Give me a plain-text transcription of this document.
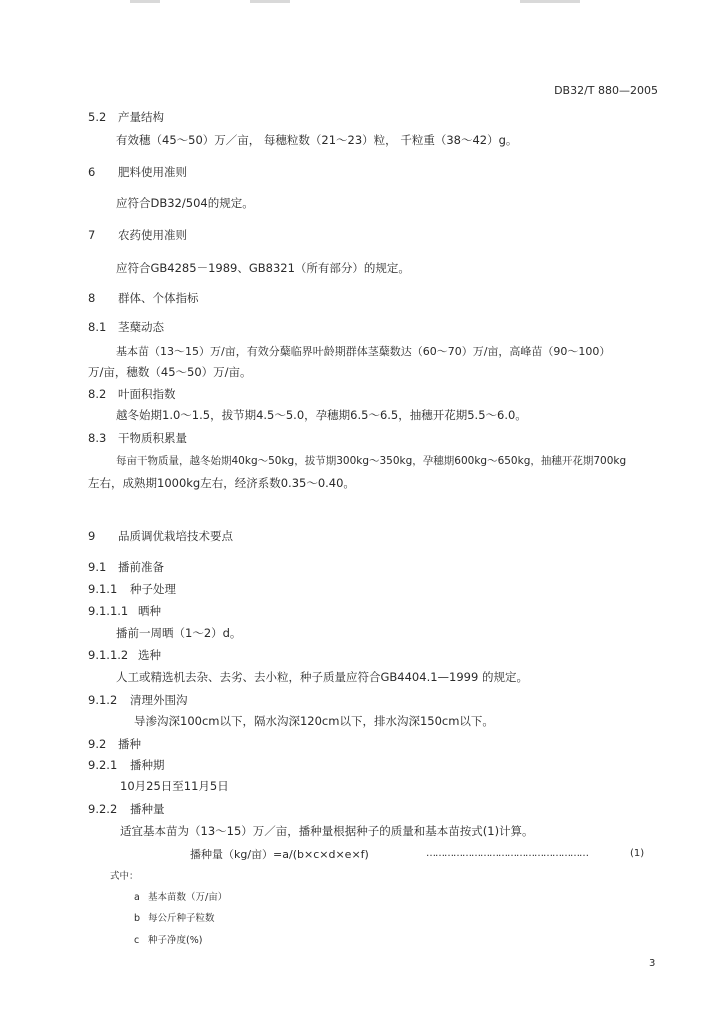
DB32/T 880—2005
5.2 产量结构
有效穗（45～50）万／亩， 每穗粒数（21～23）粒， 千粒重（38～42）g。
6 肥料使用准则
应符合DB32/504的规定。
7 农药使用准则
应符合GB4285－1989、GB8321（所有部分）的规定。
8 群体、个体指标
8.1 茎蘖动态
基本苗（13～15）万/亩，有效分蘖临界叶龄期群体茎蘖数达（60～70）万/亩，高峰苗（90～100）
万/亩，穗数（45～50）万/亩。
8.2 叶面积指数
越冬始期1.0～1.5，拔节期4.5～5.0，孕穗期6.5～6.5，抽穗开花期5.5～6.0。
8.3 干物质积累量
每亩干物质量，越冬始期40kg～50kg，拔节期300kg～350kg，孕穗期600kg～650kg，抽穗开花期700kg
左右，成熟期1000kg左右，经济系数0.35～0.40。
9 品质调优栽培技术要点
9.1 播前准备
9.1.1 种子处理
9.1.1.1 晒种
播前一周晒（1～2）d。
9.1.1.2 选种
人工或精选机去杂、去劣、去小粒，种子质量应符合GB4404.1—1999 的规定。
9.1.2 清理外围沟
导渗沟深100cm以下，隔水沟深120cm以下，排水沟深150cm以下。
9.2 播种
9.2.1 播种期
10月25日至11月5日
9.2.2 播种量
适宜基本苗为（13～15）万／亩，播种量根据种子的质量和基本苗按式(1)计算。
播种量（kg/亩）=a/(b×c×d×e×f)	………………………………………………	(1)
式中：
a 基本苗数（万/亩）
b 每公斤种子粒数
c 种子净度(%)
3
